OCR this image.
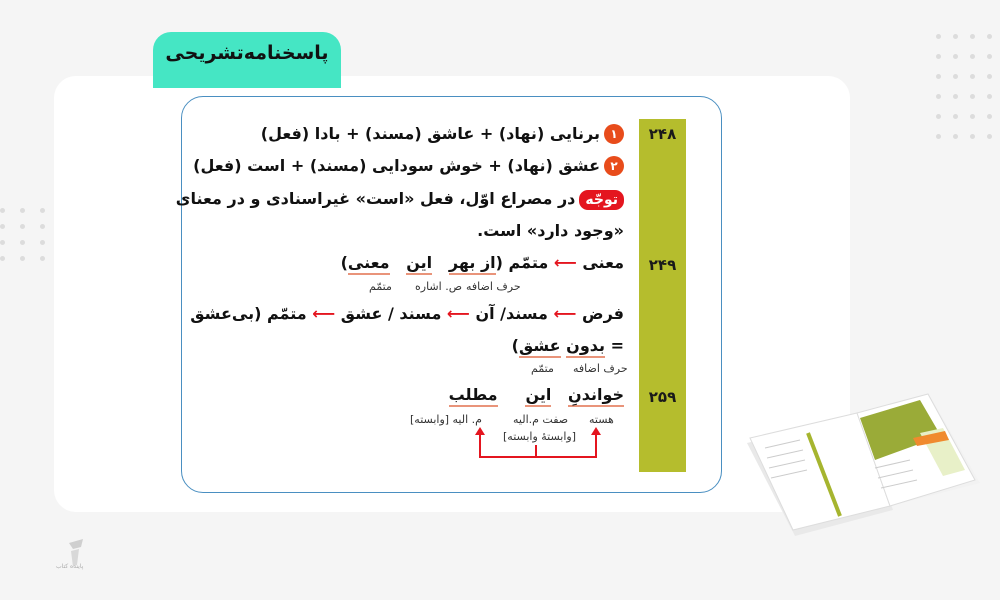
پاسخنامه‌تشریحی
۲۴۸
۱برنایی (نهاد) + عاشق (مسند) + بادا (فعل)
۲عشق (نهاد) + خوش سودایی (مسند) + است (فعل)
توجّهدر مصراع اوّل، فعل «است» غیراسنادی و در معنای
«وجود دارد» است.
۲۴۹
معنی ⟵ متمّم (از بهر   این   معنی)
حرف اضافه
ص. اشاره
متمّم
فرض ⟵ مسند/ آن ⟵ مسند / عشق ⟵ متمّم (بی‌عشق
= بدون عشق)
حرف اضافه
متمّم
۲۵۹
خواندنِ   این     مطلب
هسته
صفت م.الیه
م. الیه [وابسته]
[وابستهٔ وابسته]
پاینده کتاب
